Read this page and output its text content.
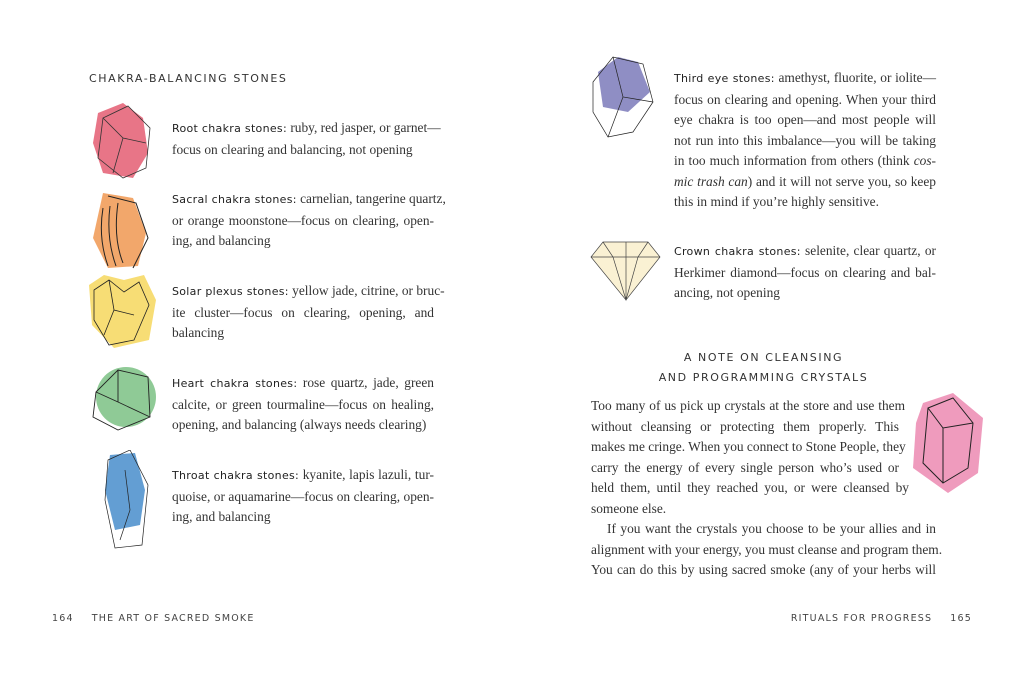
CHAKRA-BALANCING STONES
Root chakra stones: ruby, red jasper, or garnet—
focus on clearing and balancing, not opening
Sacral chakra stones: carnelian, tangerine quartz,
or orange moonstone—focus on clearing, open-
ing, and balancing
Solar plexus stones: yellow jade, citrine, or bruc-
ite cluster—focus on clearing, opening, and
balancing
Heart chakra stones: rose quartz, jade, green
calcite, or green tourmaline—focus on healing,
opening, and balancing (always needs clearing)
Throat chakra stones: kyanite, lapis lazuli, tur-
quoise, or aquamarine—focus on clearing, open-
ing, and balancing
164 THE ART OF SACRED SMOKE
Third eye stones: amethyst, fluorite, or iolite—
focus on clearing and opening. When your third
eye chakra is too open—and most people will
not run into this imbalance—you will be taking
in too much information from others (think cos-
mic trash can) and it will not serve you, so keep
this in mind if you’re highly sensitive.
Crown chakra stones: selenite, clear quartz, or
Herkimer diamond—focus on clearing and bal-
ancing, not opening
A NOTE ON CLEANSING
AND PROGRAMMING CRYSTALS
Too many of us pick up crystals at the store and use them
without cleansing or protecting them properly. This
makes me cringe. When you connect to Stone People, they
carry the energy of every single person who’s used or
held them, until they reached you, or were cleansed by
someone else.
If you want the crystals you choose to be your allies and in
alignment with your energy, you must cleanse and program them.
You can do this by using sacred smoke (any of your herbs will
RITUALS FOR PROGRESS 165
